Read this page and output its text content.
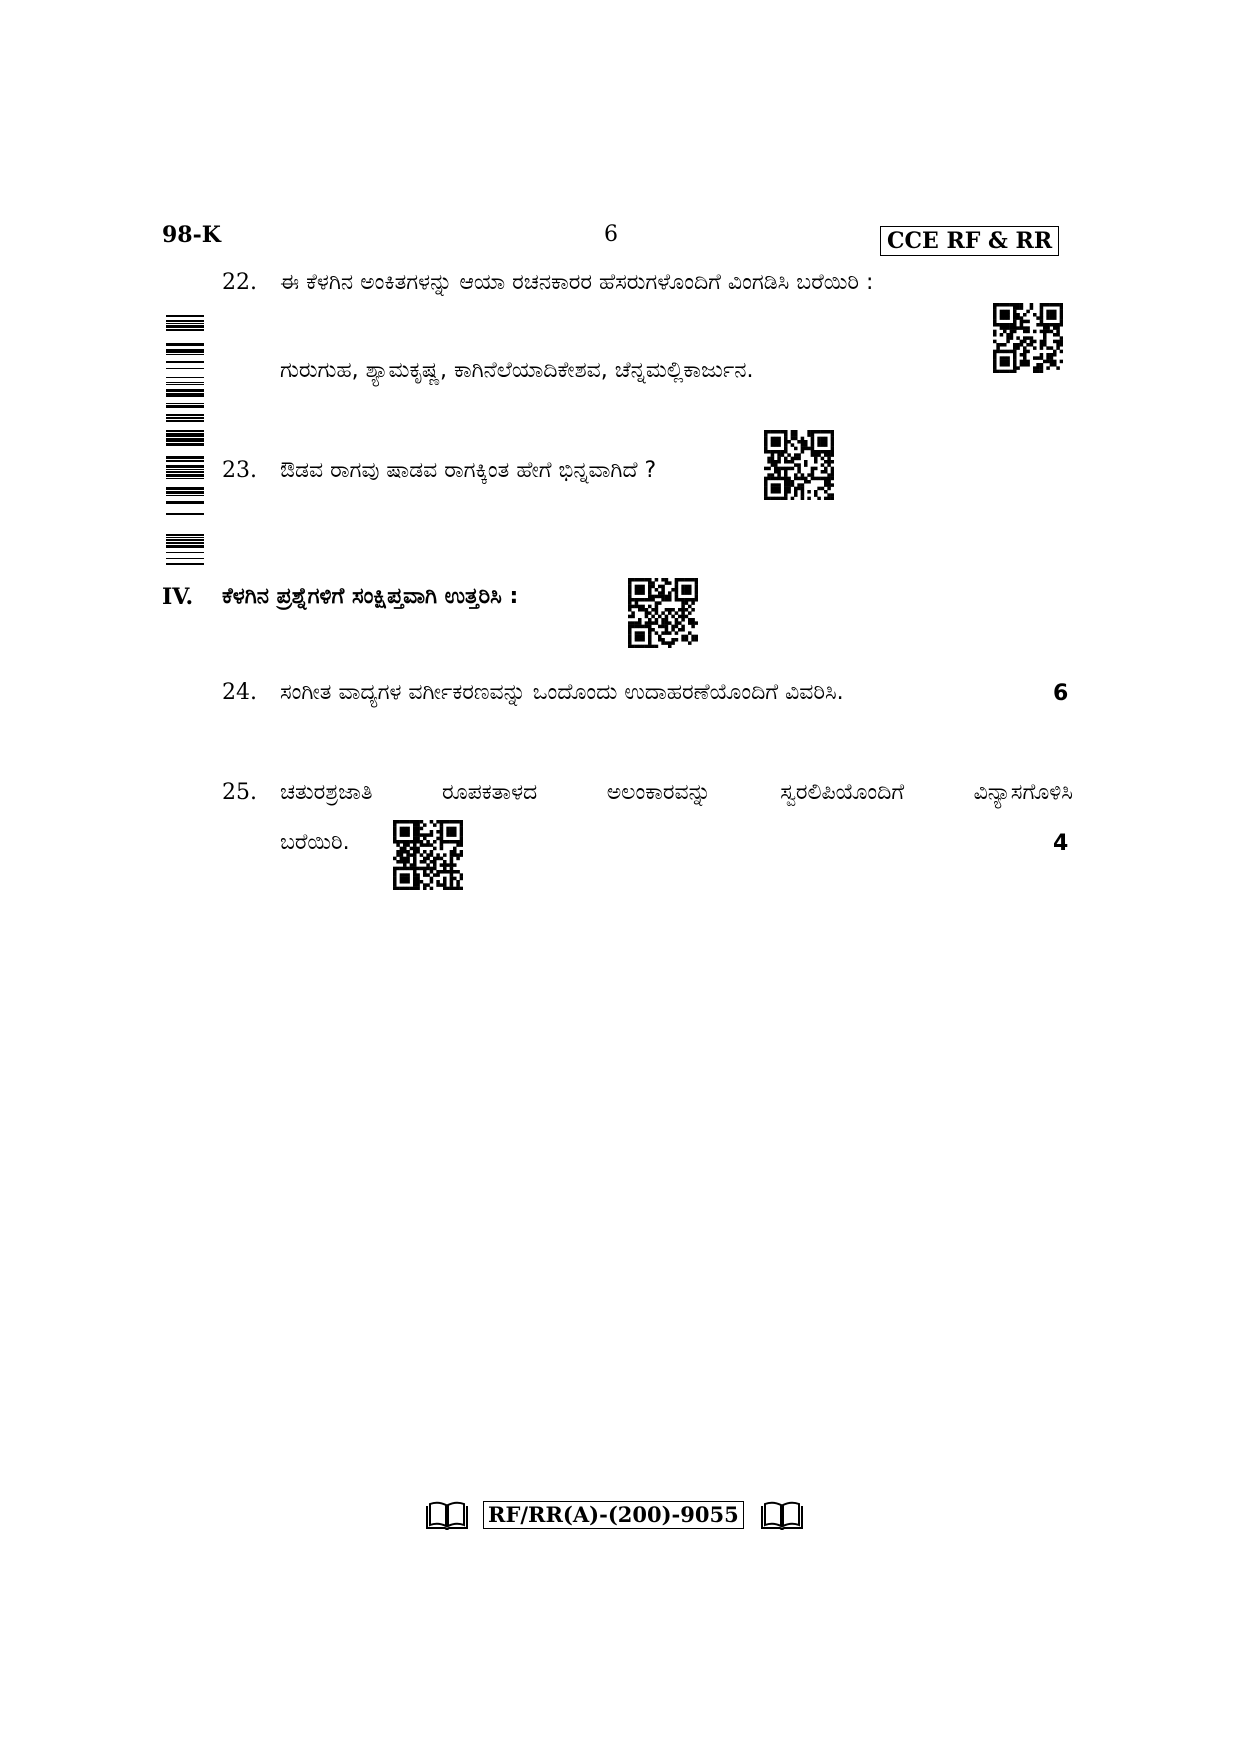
98-K	6	CCE RF & RR
22. ಈ ಕೆಳಗಿನ ಅಂಕಿತಗಳನ್ನು ಆಯಾ ರಚನಕಾರರ ಹೆಸರುಗಳೊಂದಿಗೆ ವಿಂಗಡಿಸಿ ಬರೆಯಿರಿ :
ಗುರುಗುಹ, ಶ್ಯಾಮಕೃಷ್ಣ, ಕಾಗಿನೆಲೆಯಾದಿಕೇಶವ, ಚೆನ್ನಮಲ್ಲಿಕಾರ್ಜುನ.
23. ಔಡವ ರಾಗವು ಷಾಡವ ರಾಗಕ್ಕಿಂತ ಹೇಗೆ ಭಿನ್ನವಾಗಿದೆ ?
IV. ಕೆಳಗಿನ ಪ್ರಶ್ನೆಗಳಿಗೆ ಸಂಕ್ಷಿಪ್ತವಾಗಿ ಉತ್ತರಿಸಿ :
24. ಸಂಗೀತ ವಾದ್ಯಗಳ ವರ್ಗೀಕರಣವನ್ನು ಒಂದೊಂದು ಉದಾಹರಣೆಯೊಂದಿಗೆ ವಿವರಿಸಿ.	6
25. ಚತುರಶ್ರಜಾತಿ	ರೂಪಕತಾಳದ	ಅಲಂಕಾರವನ್ನು	ಸ್ವರಲಿಪಿಯೊಂದಿಗೆ	ವಿನ್ಯಾಸಗೊಳಿಸಿ
ಬರೆಯಿರಿ.	4
RF/RR(A)-(200)-9055
